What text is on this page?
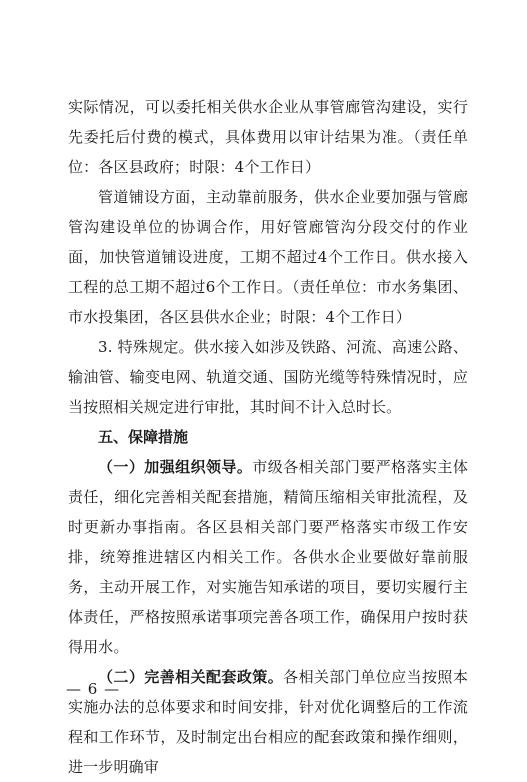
实际情况，可以委托相关供水企业从事管廊管沟建设，实行先委托后付费的模式，具体费用以审计结果为准。（责任单位：各区县政府；时限：4个工作日）

管道铺设方面，主动靠前服务，供水企业要加强与管廊管沟建设单位的协调合作，用好管廊管沟分段交付的作业面，加快管道铺设进度，工期不超过4个工作日。供水接入工程的总工期不超过6个工作日。（责任单位：市水务集团、市水投集团，各区县供水企业；时限：4个工作日）

3. 特殊规定。供水接入如涉及铁路、河流、高速公路、输油管、输变电网、轨道交通、国防光缆等特殊情况时，应当按照相关规定进行审批，其时间不计入总时长。

五、保障措施

（一）加强组织领导。市级各相关部门要严格落实主体责任，细化完善相关配套措施，精简压缩相关审批流程，及时更新办事指南。各区县相关部门要严格落实市级工作安排，统筹推进辖区内相关工作。各供水企业要做好靠前服务，主动开展工作，对实施告知承诺的项目，要切实履行主体责任，严格按照承诺事项完善各项工作，确保用户按时获得用水。

（二）完善相关配套政策。各相关部门单位应当按照本实施办法的总体要求和时间安排，针对优化调整后的工作流程和工作环节，及时制定出台相应的配套政策和操作细则，进一步明确审

— 6 —
